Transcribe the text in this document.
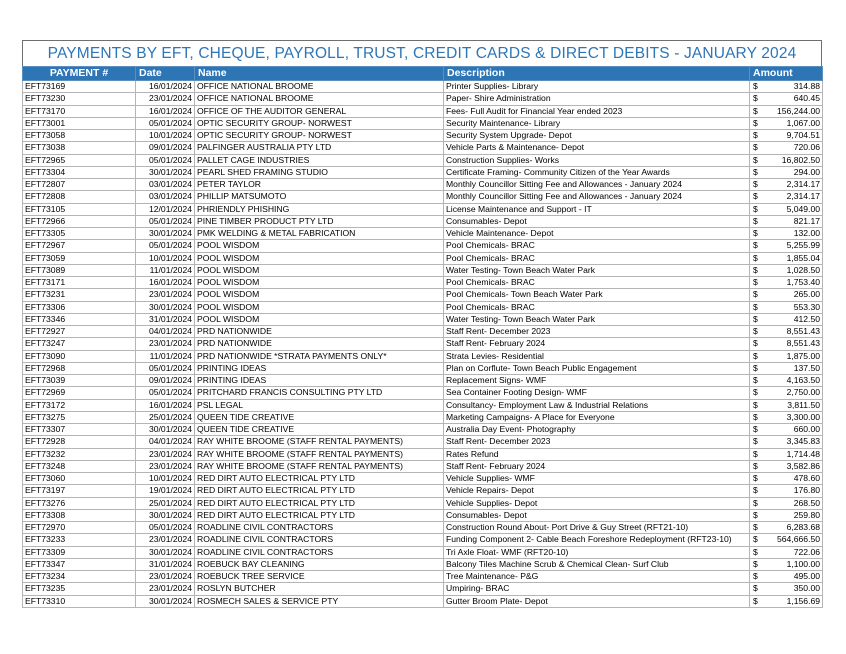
PAYMENTS BY EFT, CHEQUE, PAYROLL, TRUST, CREDIT CARDS & DIRECT DEBITS - JANUARY 2024
PAYMENT #	Date	Name	Description	Amount	
EFT73169	16/01/2024	OFFICE NATIONAL BROOME	Printer Supplies- Library	$	314.88
EFT73230	23/01/2024	OFFICE NATIONAL BROOME	Paper- Shire Administration	$	640.45
EFT73170	16/01/2024	OFFICE OF THE AUDITOR GENERAL	Fees- Full Audit for Financial Year ended 2023	$	156,244.00
EFT73001	05/01/2024	OPTIC SECURITY GROUP- NORWEST	Security Maintenance- Library	$	1,067.00
EFT73058	10/01/2024	OPTIC SECURITY GROUP- NORWEST	Security System Upgrade- Depot	$	9,704.51
EFT73038	09/01/2024	PALFINGER AUSTRALIA PTY LTD	Vehicle Parts & Maintenance- Depot	$	720.06
EFT72965	05/01/2024	PALLET CAGE INDUSTRIES	Construction Supplies- Works	$	16,802.50
EFT73304	30/01/2024	PEARL SHED FRAMING STUDIO	Certificate Framing- Community Citizen of the Year Awards	$	294.00
EFT72807	03/01/2024	PETER TAYLOR	Monthly Councillor Sitting Fee and Allowances - January 2024	$	2,314.17
EFT72808	03/01/2024	PHILLIP MATSUMOTO	Monthly Councillor Sitting Fee and Allowances - January 2024	$	2,314.17
EFT73105	12/01/2024	PHRIENDLY PHISHING	License Maintenance and Support - IT	$	5,049.00
EFT72966	05/01/2024	PINE TIMBER PRODUCT PTY LTD	Consumables- Depot	$	821.17
EFT73305	30/01/2024	PMK WELDING & METAL FABRICATION	Vehicle Maintenance- Depot	$	132.00
EFT72967	05/01/2024	POOL WISDOM	Pool Chemicals- BRAC	$	5,255.99
EFT73059	10/01/2024	POOL WISDOM	Pool Chemicals- BRAC	$	1,855.04
EFT73089	11/01/2024	POOL WISDOM	Water Testing- Town Beach Water Park	$	1,028.50
EFT73171	16/01/2024	POOL WISDOM	Pool Chemicals- BRAC	$	1,753.40
EFT73231	23/01/2024	POOL WISDOM	Pool Chemicals- Town Beach Water Park	$	265.00
EFT73306	30/01/2024	POOL WISDOM	Pool Chemicals- BRAC	$	553.30
EFT73346	31/01/2024	POOL WISDOM	Water Testing- Town Beach Water Park	$	412.50
EFT72927	04/01/2024	PRD NATIONWIDE	Staff Rent- December 2023	$	8,551.43
EFT73247	23/01/2024	PRD NATIONWIDE	Staff Rent- February 2024	$	8,551.43
EFT73090	11/01/2024	PRD NATIONWIDE *STRATA PAYMENTS ONLY*	Strata Levies- Residential	$	1,875.00
EFT72968	05/01/2024	PRINTING IDEAS	Plan on Corflute- Town Beach Public Engagement	$	137.50
EFT73039	09/01/2024	PRINTING IDEAS	Replacement Signs- WMF	$	4,163.50
EFT72969	05/01/2024	PRITCHARD FRANCIS CONSULTING PTY LTD	Sea Container Footing Design- WMF	$	2,750.00
EFT73172	16/01/2024	PSL LEGAL	Consultancy- Employment Law & Industrial Relations	$	3,811.50
EFT73275	25/01/2024	QUEEN TIDE CREATIVE	Marketing Campaigns- A Place for Everyone	$	3,300.00
EFT73307	30/01/2024	QUEEN TIDE CREATIVE	Australia Day Event- Photography	$	660.00
EFT72928	04/01/2024	RAY WHITE BROOME (STAFF RENTAL PAYMENTS)	Staff Rent- December 2023	$	3,345.83
EFT73232	23/01/2024	RAY WHITE BROOME (STAFF RENTAL PAYMENTS)	Rates Refund	$	1,714.48
EFT73248	23/01/2024	RAY WHITE BROOME (STAFF RENTAL PAYMENTS)	Staff Rent- February 2024	$	3,582.86
EFT73060	10/01/2024	RED DIRT AUTO ELECTRICAL PTY LTD	Vehicle Supplies- WMF	$	478.60
EFT73197	19/01/2024	RED DIRT AUTO ELECTRICAL PTY LTD	Vehicle Repairs- Depot	$	176.80
EFT73276	25/01/2024	RED DIRT AUTO ELECTRICAL PTY LTD	Vehicle Supplies- Depot	$	268.50
EFT73308	30/01/2024	RED DIRT AUTO ELECTRICAL PTY LTD	Consumables- Depot	$	259.80
EFT72970	05/01/2024	ROADLINE CIVIL CONTRACTORS	Construction Round About- Port Drive & Guy Street (RFT21-10)	$	6,283.68
EFT73233	23/01/2024	ROADLINE CIVIL CONTRACTORS	Funding Component 2- Cable Beach Foreshore Redeployment (RFT23-10)	$	564,666.50
EFT73309	30/01/2024	ROADLINE CIVIL CONTRACTORS	Tri Axle Float- WMF (RFT20-10)	$	722.06
EFT73347	31/01/2024	ROEBUCK BAY CLEANING	Balcony Tiles Machine Scrub & Chemical Clean- Surf Club	$	1,100.00
EFT73234	23/01/2024	ROEBUCK TREE SERVICE	Tree Maintenance- P&G	$	495.00
EFT73235	23/01/2024	ROSLYN BUTCHER	Umpiring- BRAC	$	350.00
EFT73310	30/01/2024	ROSMECH SALES & SERVICE PTY	Gutter Broom Plate- Depot	$	1,156.69
